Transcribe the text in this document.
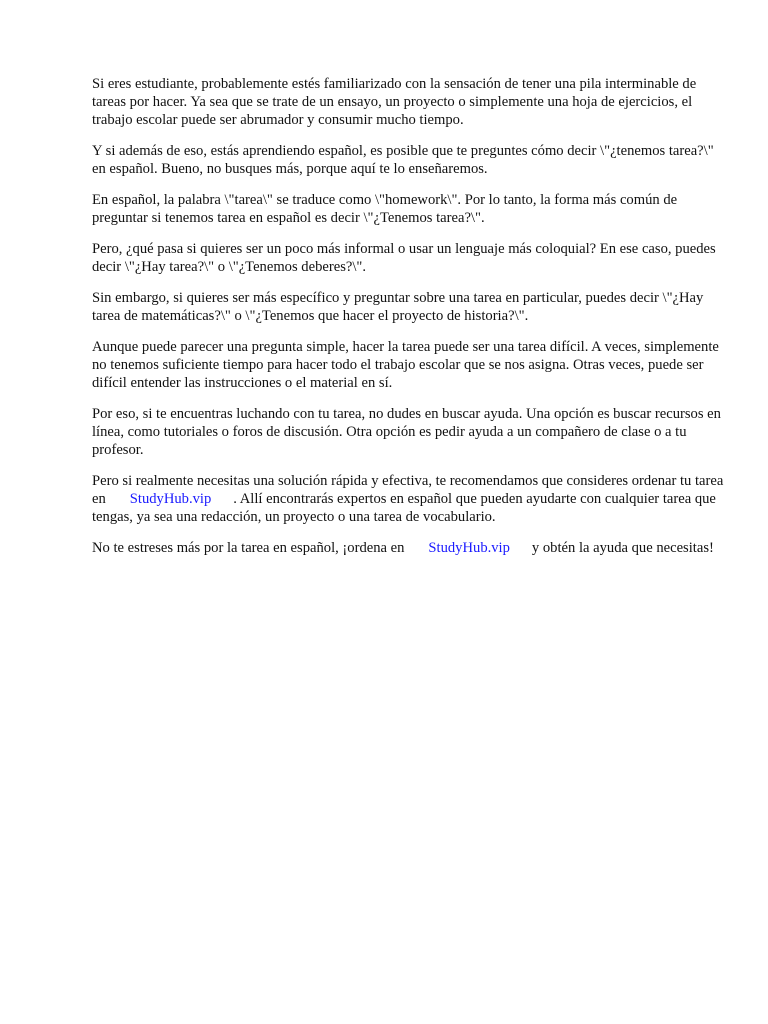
Si eres estudiante, probablemente estés familiarizado con la sensación de tener una pila interminable de tareas por hacer. Ya sea que se trate de un ensayo, un proyecto o simplemente una hoja de ejercicios, el trabajo escolar puede ser abrumador y consumir mucho tiempo.

Y si además de eso, estás aprendiendo español, es posible que te preguntes cómo decir \"¿tenemos tarea?\" en español. Bueno, no busques más, porque aquí te lo enseñaremos.

En español, la palabra \"tarea\" se traduce como \"homework\". Por lo tanto, la forma más común de preguntar si tenemos tarea en español es decir \"¿Tenemos tarea?\".

Pero, ¿qué pasa si quieres ser un poco más informal o usar un lenguaje más coloquial? En ese caso, puedes decir \"¿Hay tarea?\" o \"¿Tenemos deberes?\".

Sin embargo, si quieres ser más específico y preguntar sobre una tarea en particular, puedes decir \"¿Hay tarea de matemáticas?\" o \"¿Tenemos que hacer el proyecto de historia?\".

Aunque puede parecer una pregunta simple, hacer la tarea puede ser una tarea difícil. A veces, simplemente no tenemos suficiente tiempo para hacer todo el trabajo escolar que se nos asigna. Otras veces, puede ser difícil entender las instrucciones o el material en sí.

Por eso, si te encuentras luchando con tu tarea, no dudes en buscar ayuda. Una opción es buscar recursos en línea, como tutoriales o foros de discusión. Otra opción es pedir ayuda a un compañero de clase o a tu profesor.

Pero si realmente necesitas una solución rápida y efectiva, te recomendamos que consideres ordenar tu tarea en StudyHub.vip . Allí encontrarás expertos en español que pueden ayudarte con cualquier tarea que tengas, ya sea una redacción, un proyecto o una tarea de vocabulario.

No te estreses más por la tarea en español, ¡ordena en StudyHub.vip y obtén la ayuda que necesitas!
